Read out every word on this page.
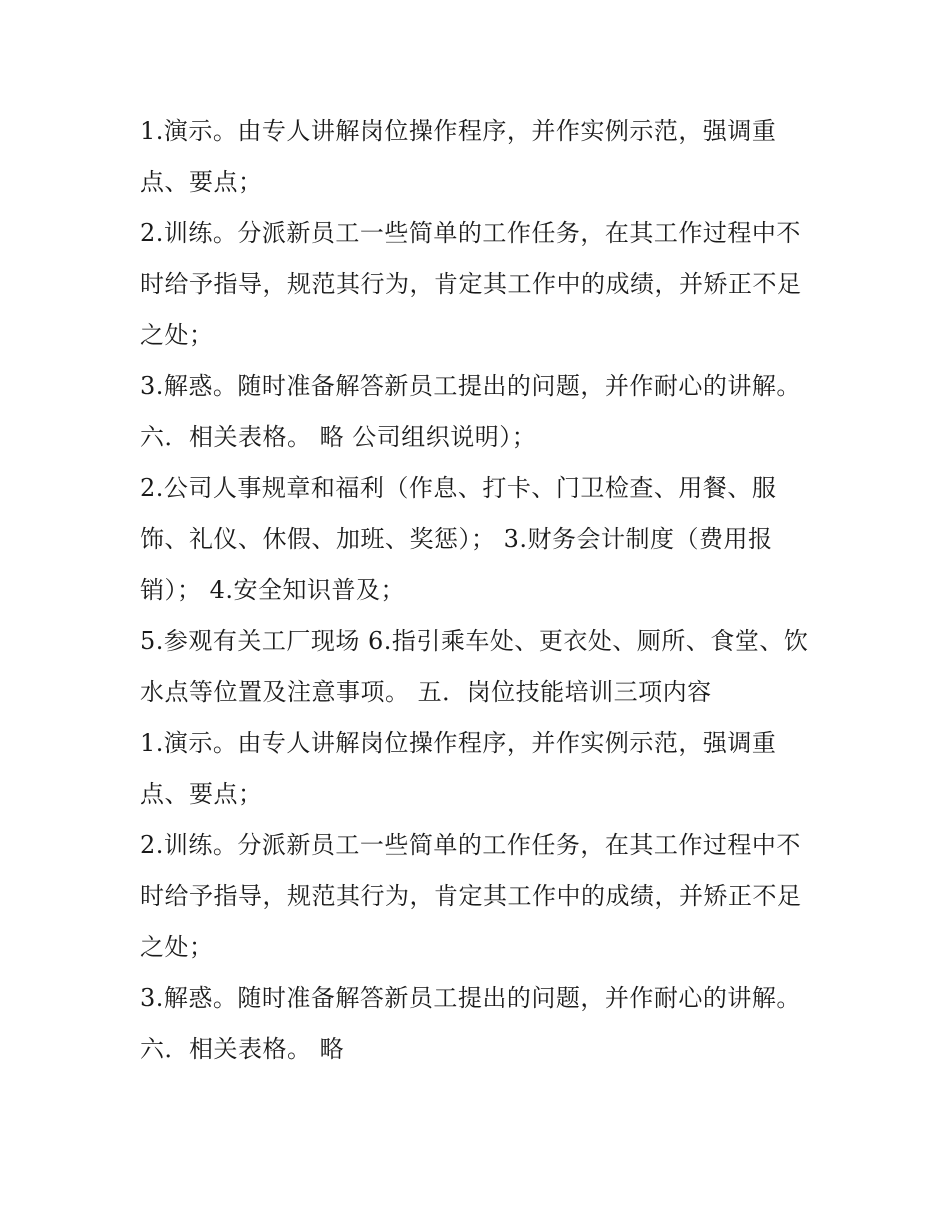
1.演示。由专人讲解岗位操作程序，并作实例示范，强调重
点、要点；
2.训练。分派新员工一些简单的工作任务，在其工作过程中不
时给予指导，规范其行为，肯定其工作中的成绩，并矫正不足
之处；
3.解惑。随时准备解答新员工提出的问题，并作耐心的讲解。
六．相关表格。 略 公司组织说明）；
2.公司人事规章和福利（作息、打卡、门卫检查、用餐、服
饰、礼仪、休假、加班、奖惩）； 3.财务会计制度（费用报
销）； 4.安全知识普及；
5.参观有关工厂现场 6.指引乘车处、更衣处、厕所、食堂、饮
水点等位置及注意事项。 五．岗位技能培训三项内容
1.演示。由专人讲解岗位操作程序，并作实例示范，强调重
点、要点；
2.训练。分派新员工一些简单的工作任务，在其工作过程中不
时给予指导，规范其行为，肯定其工作中的成绩，并矫正不足
之处；
3.解惑。随时准备解答新员工提出的问题，并作耐心的讲解。
六．相关表格。 略
